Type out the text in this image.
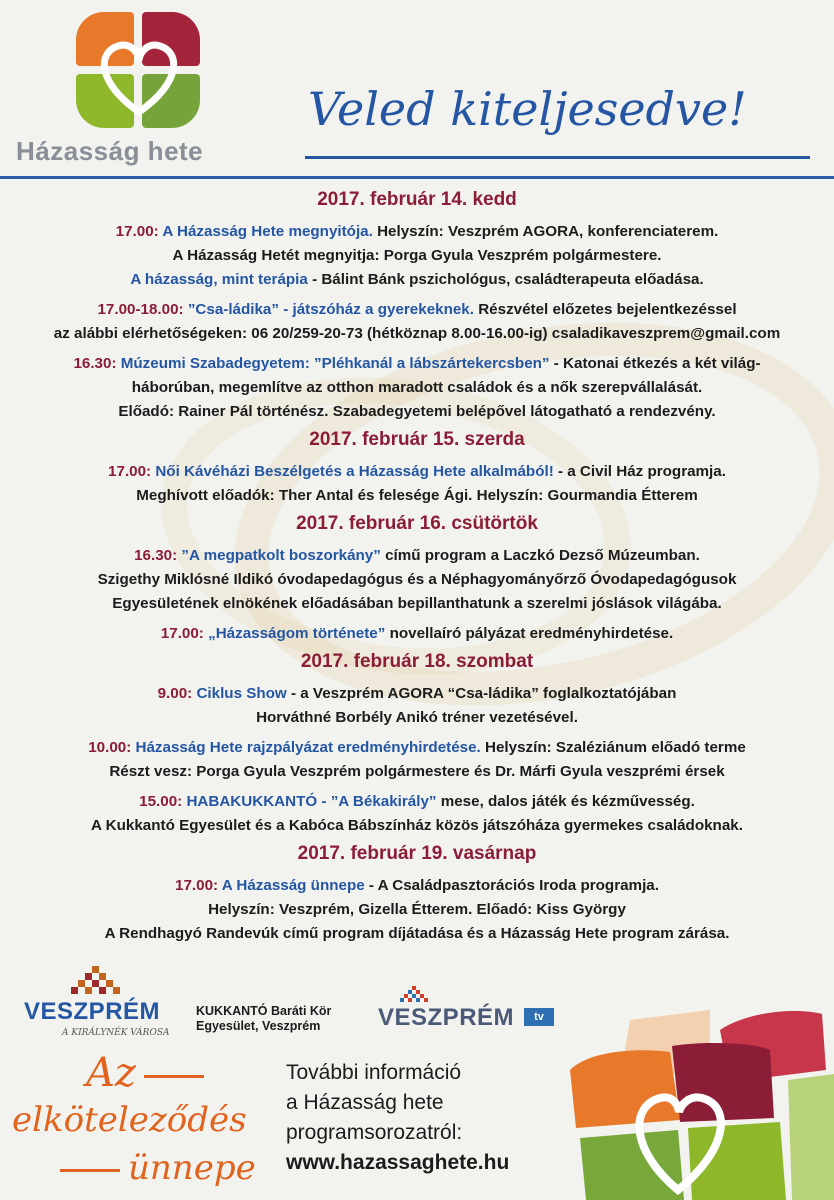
Házasság hete
Veled kiteljesedve!
2017. február 14. kedd
17.00: A Házasság Hete megnyitója. Helyszín: Veszprém AGORA, konferenciaterem.
A Házasság Hetét megnyitja: Porga Gyula Veszprém polgármestere.
A házasság, mint terápia - Bálint Bánk pszichológus, családterapeuta előadása.
17.00-18.00: ”Csa-ládika” - játszóház a gyerekeknek. Részvétel előzetes bejelentkezéssel
az alábbi elérhetőségeken: 06 20/259-20-73 (hétköznap 8.00-16.00-ig) csaladikaveszprem@gmail.com
16.30: Múzeumi Szabadegyetem: ”Pléhkanál a lábszártekercsben” - Katonai étkezés a két világ-
háborúban, megemlítve az otthon maradott családok és a nők szerepvállalását.
Előadó: Rainer Pál történész. Szabadegyetemi belépővel látogatható a rendezvény.
2017. február 15. szerda
17.00: Női Kávéházi Beszélgetés a Házasság Hete alkalmából! - a Civil Ház programja.
Meghívott előadók: Ther Antal és felesége Ági. Helyszín: Gourmandia Étterem
2017. február 16. csütörtök
16.30: ”A megpatkolt boszorkány” című program a Laczkó Dezső Múzeumban.
Szigethy Miklósné Ildikó óvodapedagógus és a Néphagyományőrző Óvodapedagógusok
Egyesületének elnökének előadásában bepillanthatunk a szerelmi jóslások világába.
17.00: „Házasságom története” novellaíró pályázat eredményhirdetése.
2017. február 18. szombat
9.00: Ciklus Show - a Veszprém AGORA “Csa-ládika” foglalkoztatójában
Horváthné Borbély Anikó tréner vezetésével.
10.00: Házasság Hete rajzpályázat eredményhirdetése. Helyszín: Szaléziánum előadó terme
Részt vesz: Porga Gyula Veszprém polgármestere és Dr. Márfi Gyula veszprémi érsek
15.00: HABAKUKKANTÓ - ”A Békakirály” mese, dalos játék és kézművesség.
A Kukkantó Egyesület és a Kabóca Bábszínház közös játszóháza gyermekes családoknak.
2017. február 19. vasárnap
17.00: A Házasság ünnepe - A Családpasztorációs Iroda programja.
Helyszín: Veszprém, Gizella Étterem. Előadó: Kiss György
A Rendhagyó Randevúk című program díjátadása és a Házasság Hete program zárása.
VESZPRÉM
A KIRÁLYNÉK VÁROSA
KUKKANTÓ Baráti Kör
Egyesület, Veszprém	VESZPRÉM	tv
Az
elköteleződés
ünnepe
További információ
a Házasság hete
programsorozatról:
www.hazassaghete.hu
